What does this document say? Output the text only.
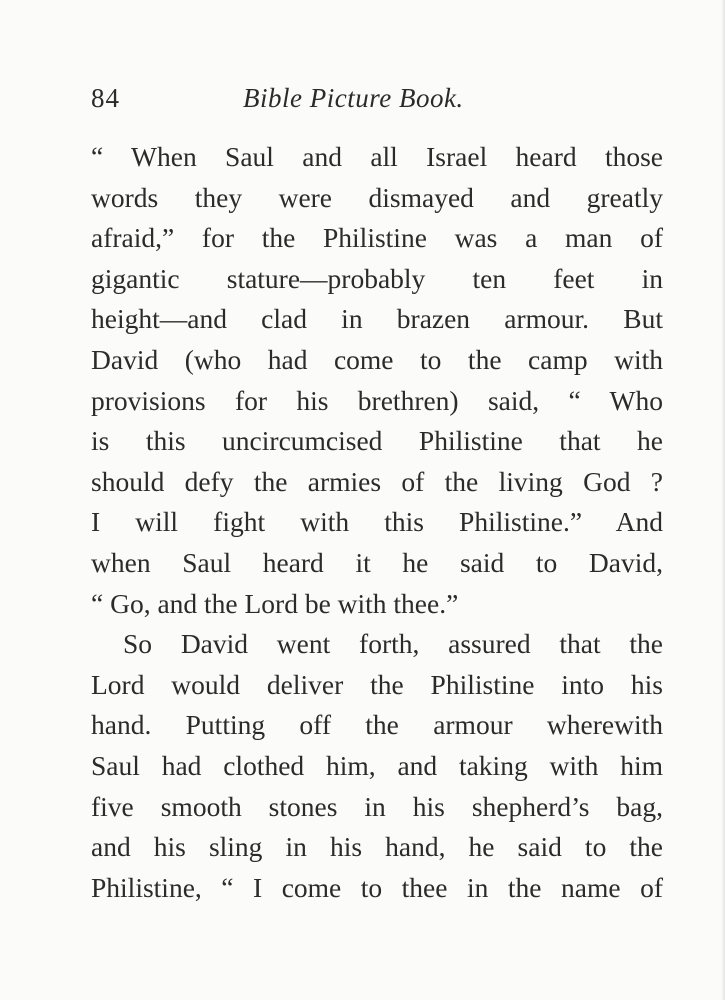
84	Bible Picture Book.
“ When Saul and all Israel heard those
words they were dismayed and greatly
afraid,” for the Philistine was a man of
gigantic stature—probably ten feet in
height—and clad in brazen armour. But
David (who had come to the camp with
provisions for his brethren) said, “ Who
is this uncircumcised Philistine that he
should defy the armies of the living God ?
I will fight with this Philistine.” And
when Saul heard it he said to David,
“ Go, and the Lord be with thee.”
So David went forth, assured that the
Lord would deliver the Philistine into his
hand. Putting off the armour wherewith
Saul had clothed him, and taking with him
five smooth stones in his shepherd’s bag,
and his sling in his hand, he said to the
Philistine, “ I come to thee in the name of
